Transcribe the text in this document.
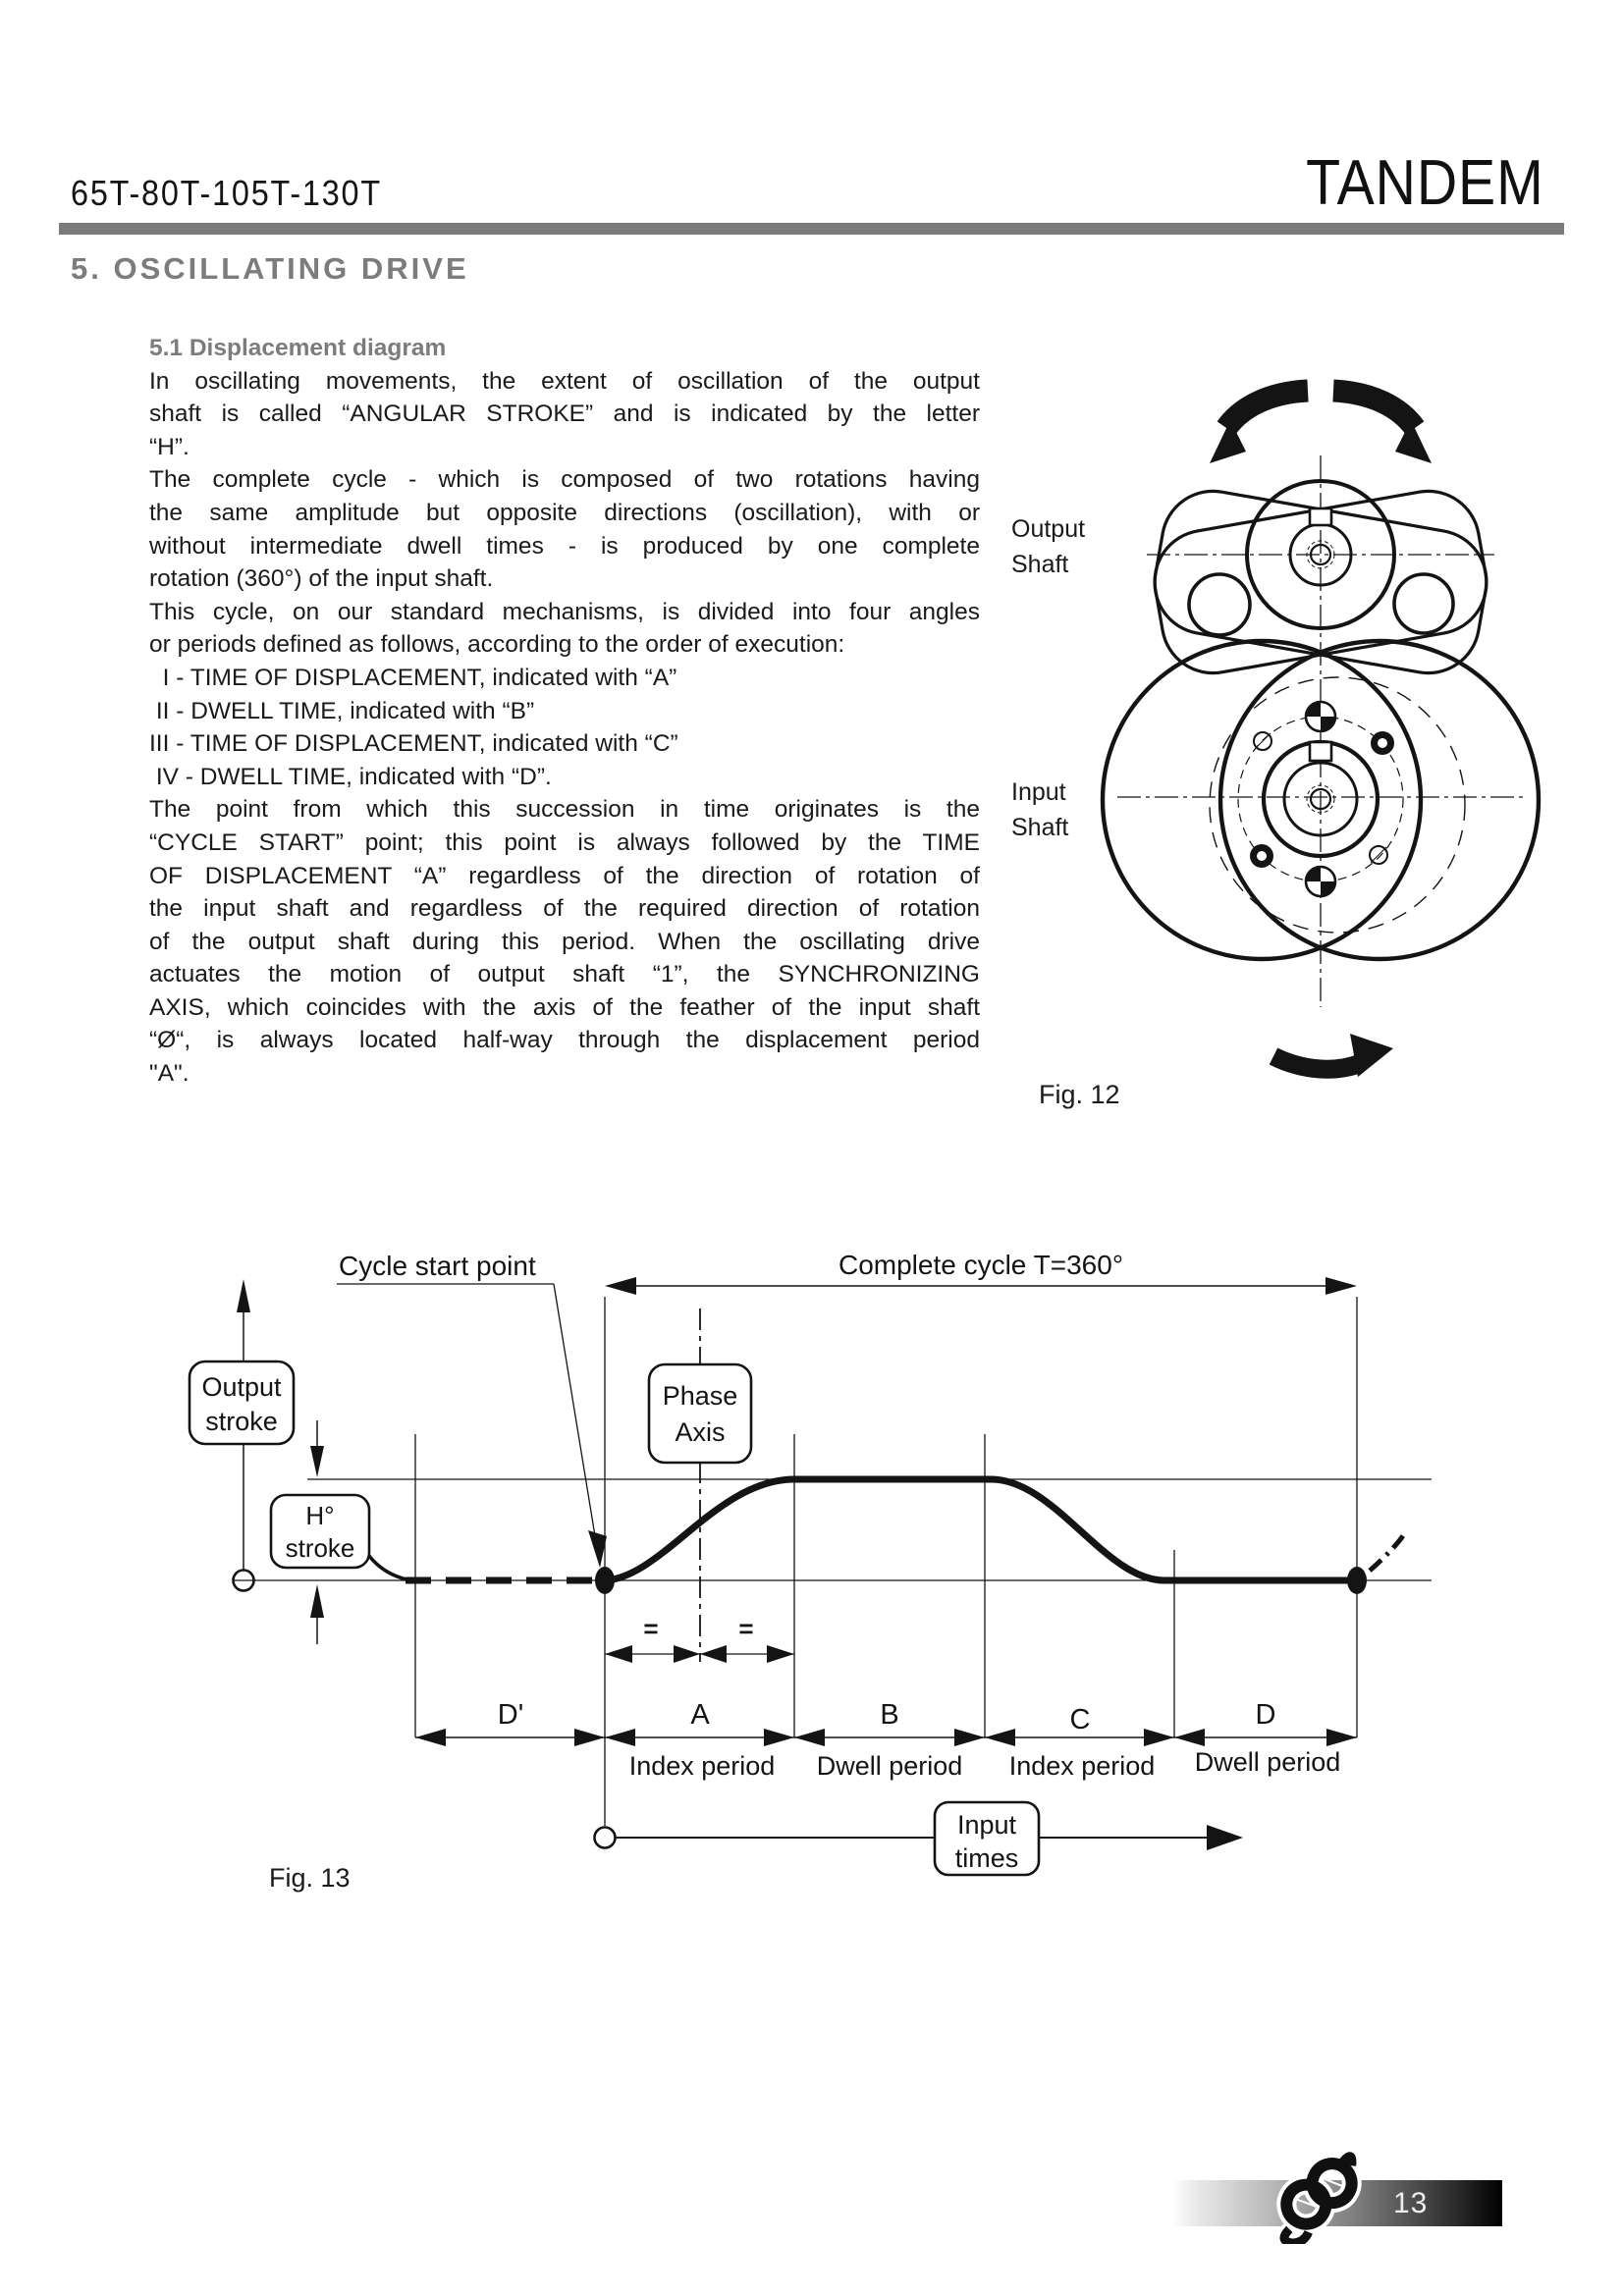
65T-80T-105T-130T	TANDEM
5. OSCILLATING DRIVE
5.1 Displacement diagram
In oscillating movements, the extent of oscillation of the output
shaft is called “ANGULAR STROKE” and is indicated by the letter
“H”.
The complete cycle - which is composed of two rotations having
the same amplitude but opposite directions (oscillation), with or
without intermediate dwell times - is produced by one complete
rotation (360°) of the input shaft.
This cycle, on our standard mechanisms, is divided into four angles
or periods defined as follows, according to the order of execution:
I - TIME OF DISPLACEMENT, indicated with “A”
II - DWELL TIME, indicated with “B”
III - TIME OF DISPLACEMENT, indicated with “C”
IV - DWELL TIME, indicated with “D”.
The point from which this succession in time originates is the
“CYCLE START” point; this point is always followed by the TIME
OF DISPLACEMENT “A” regardless of the direction of rotation of
the input shaft and regardless of the required direction of rotation
of the output shaft during this period. When the oscillating drive
actuates the motion of output shaft “1”, the SYNCHRONIZING
AXIS, which coincides with the axis of the feather of the input shaft
“Ø“, is always located half-way through the displacement period
"A".
Output
Shaft
Input
Shaft
Fig. 12
Cycle start point	Complete cycle T=360°
Output
stroke
H°
stroke
Phase
Axis
=	=
D'	A	B	C	D
Index period Dwell period Index period Dwell period
Input
times
Fig. 13
13
